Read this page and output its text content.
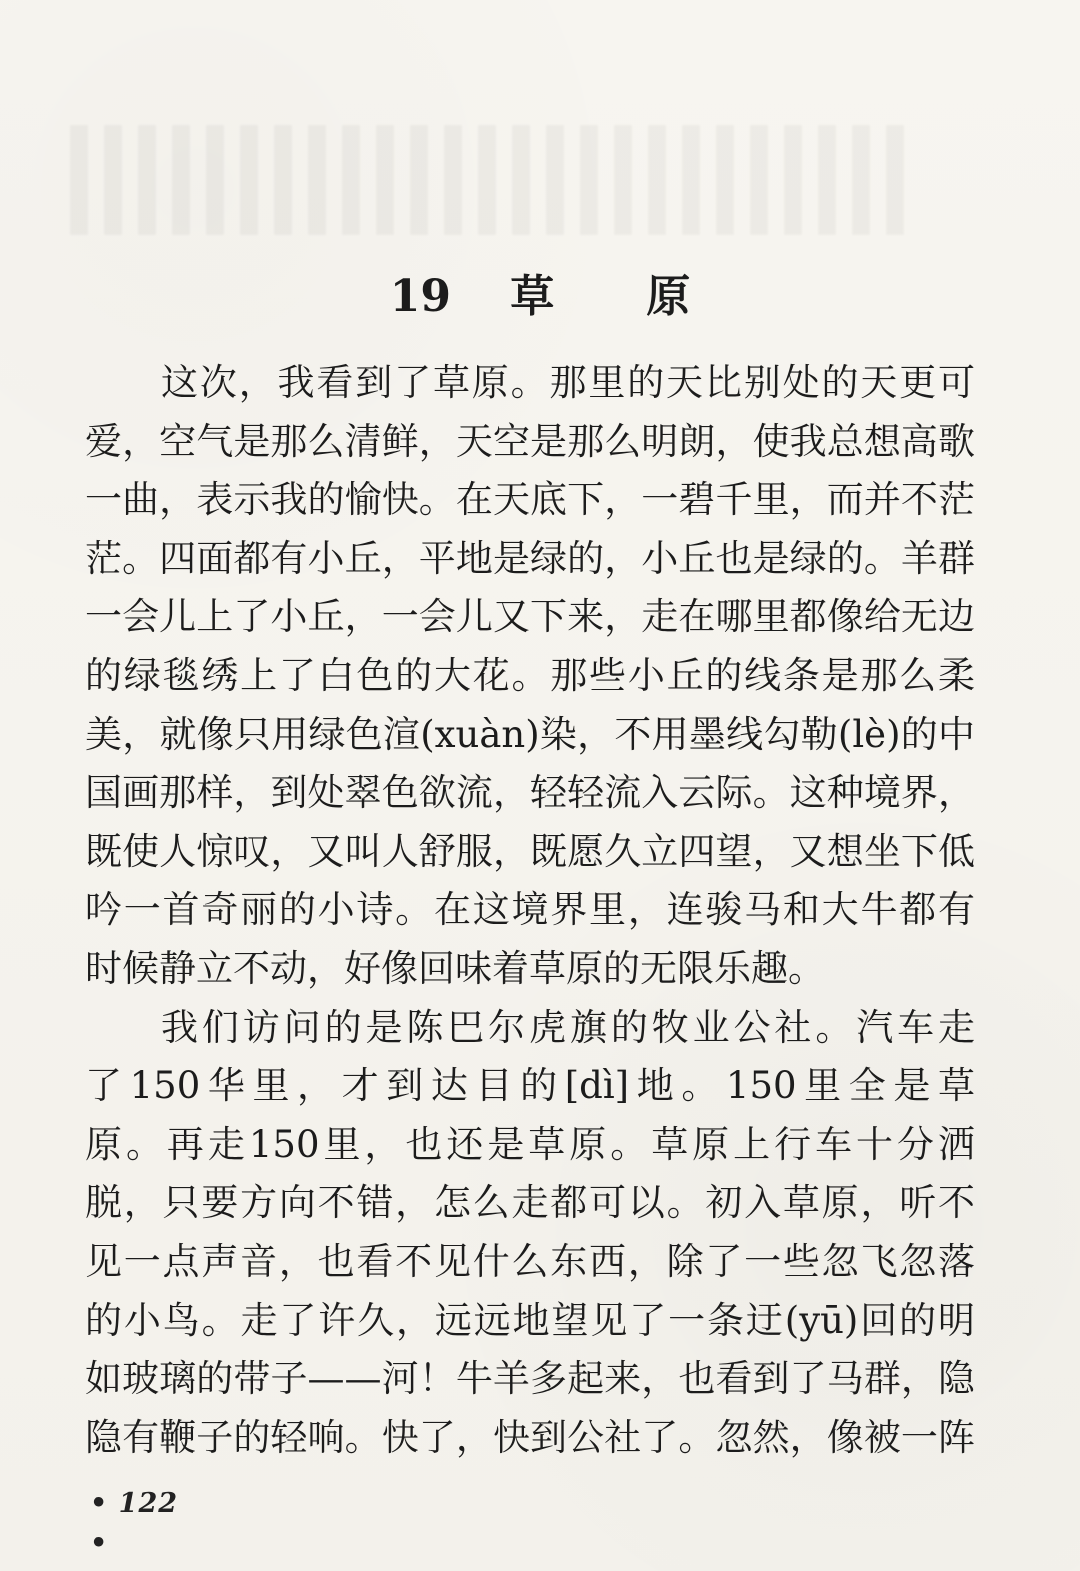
19 草原

这次，我看到了草原。那里的天比别处的天更可
爱，空气是那么清鲜，天空是那么明朗，使我总想高歌
一曲，表示我的愉快。在天底下，一碧千里，而并不茫
茫。四面都有小丘，平地是绿的，小丘也是绿的。羊群
一会儿上了小丘，一会儿又下来，走在哪里都像给无边
的绿毯绣上了白色的大花。那些小丘的线条是那么柔
美，就像只用绿色渲(xuàn)染，不用墨线勾勒(lè)的中
国画那样，到处翠色欲流，轻轻流入云际。这种境界，
既使人惊叹，又叫人舒服，既愿久立四望，又想坐下低
吟一首奇丽的小诗。在这境界里，连骏马和大牛都有
时候静立不动，好像回味着草原的无限乐趣。

我们访问的是陈巴尔虎旗的牧业公社。汽车走
了150华里，才到达目的[dì]地。150里全是草
原。再走150里，也还是草原。草原上行车十分洒
脱，只要方向不错，怎么走都可以。初入草原，听不
见一点声音，也看不见什么东西，除了一些忽飞忽落
的小鸟。走了许久，远远地望见了一条迂(yū)回的明
如玻璃的带子——河！牛羊多起来，也看到了马群，隐
隐有鞭子的轻响。快了，快到公社了。忽然，像被一阵

• 122 •
